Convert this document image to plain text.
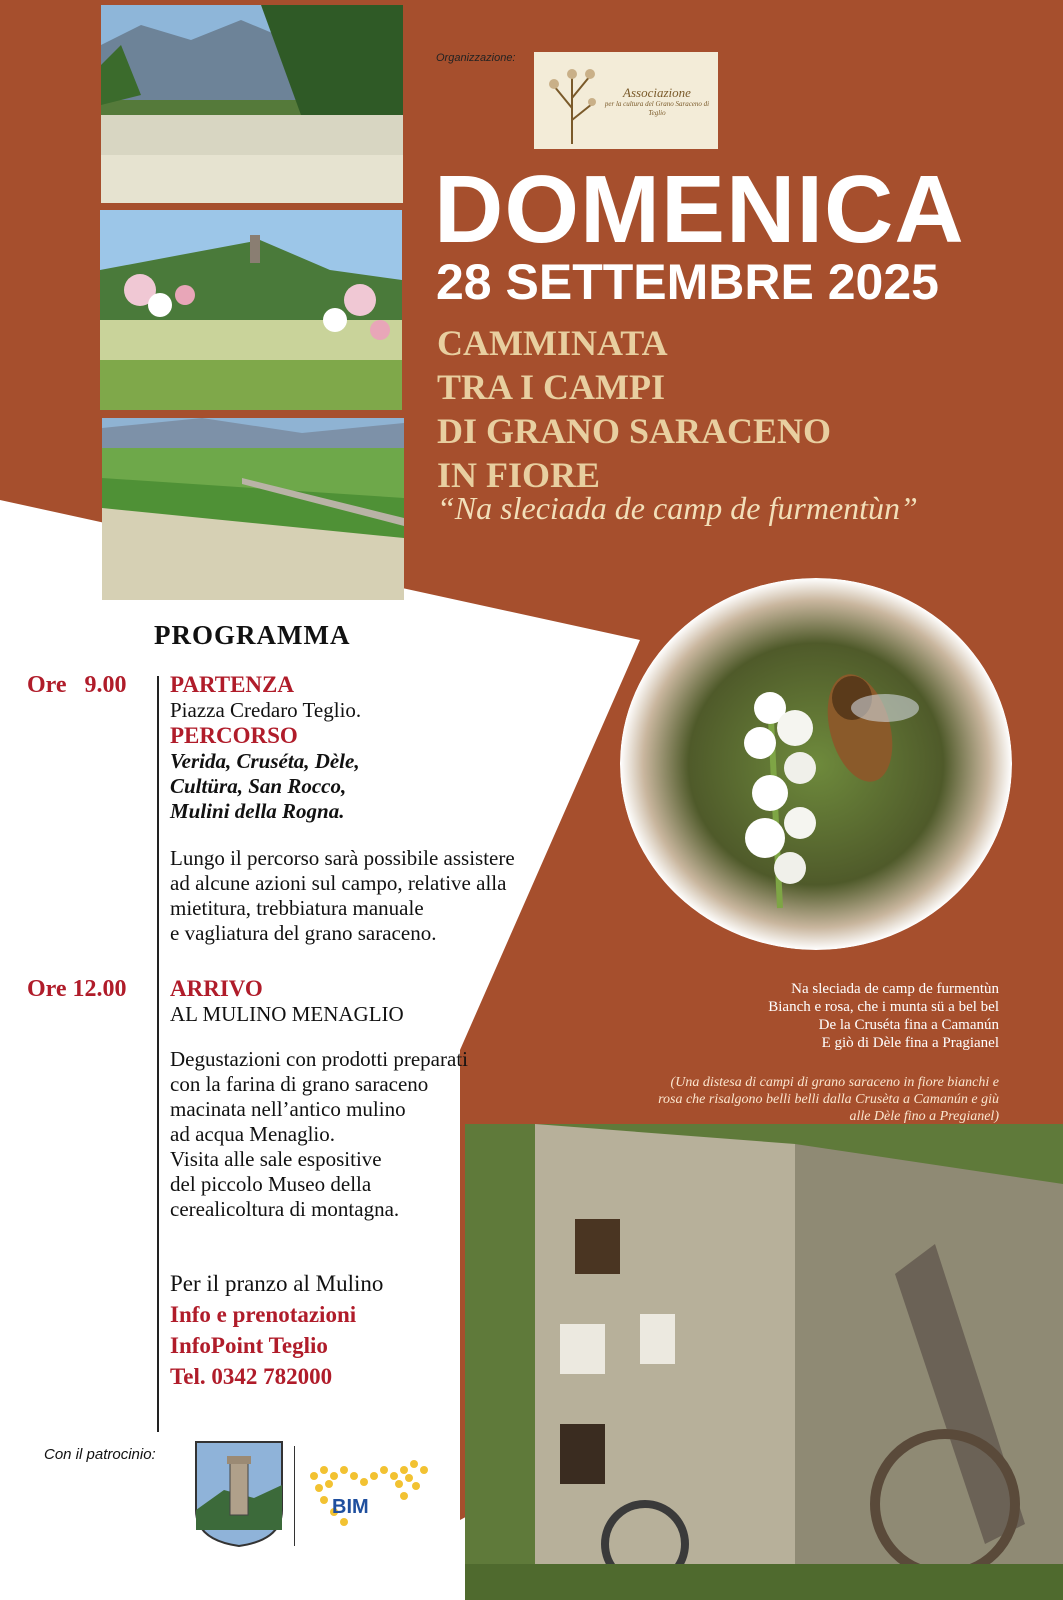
Organizzazione:
Associazione
per la cultura del Grano Saraceno di Teglio
DOMENICA
28 SETTEMBRE 2025
CAMMINATA
TRA I CAMPI
DI GRANO SARACENO
IN FIORE
“Na sleciada de camp de furmentùn”
PROGRAMMA
Ore   9.00 PARTENZA
Piazza Credaro Teglio.
PERCORSO
Verida, Cruséta, Dèle,
Cultüra, San Rocco,
Mulini della Rogna.
Lungo il percorso sarà possibile assistere
ad alcune azioni sul campo, relative alla
mietitura, trebbiatura manuale
e vagliatura del grano saraceno.
Ore 12.00 ARRIVO
AL MULINO MENAGLIO
Degustazioni con prodotti preparati
con la farina di grano saraceno
macinata nell’antico mulino
ad acqua Menaglio.
Visita alle sale espositive
del piccolo Museo della
cerealicoltura di montagna.
Per il pranzo al Mulino
Info e prenotazioni
InfoPoint Teglio
Tel. 0342 782000
Na sleciada de camp de furmentùn
Bianch e rosa, che i munta sü a bel bel
De la Cruséta fina a Camanún
E giò di Dèle fina a Pragianel
(Una distesa di campi di grano saraceno in fiore bianchi e
rosa che risalgono belli belli dalla Crusèta a Camanún e giù
alle Dèle fino a Pregianel)
Con il patrocinio:
BIM
